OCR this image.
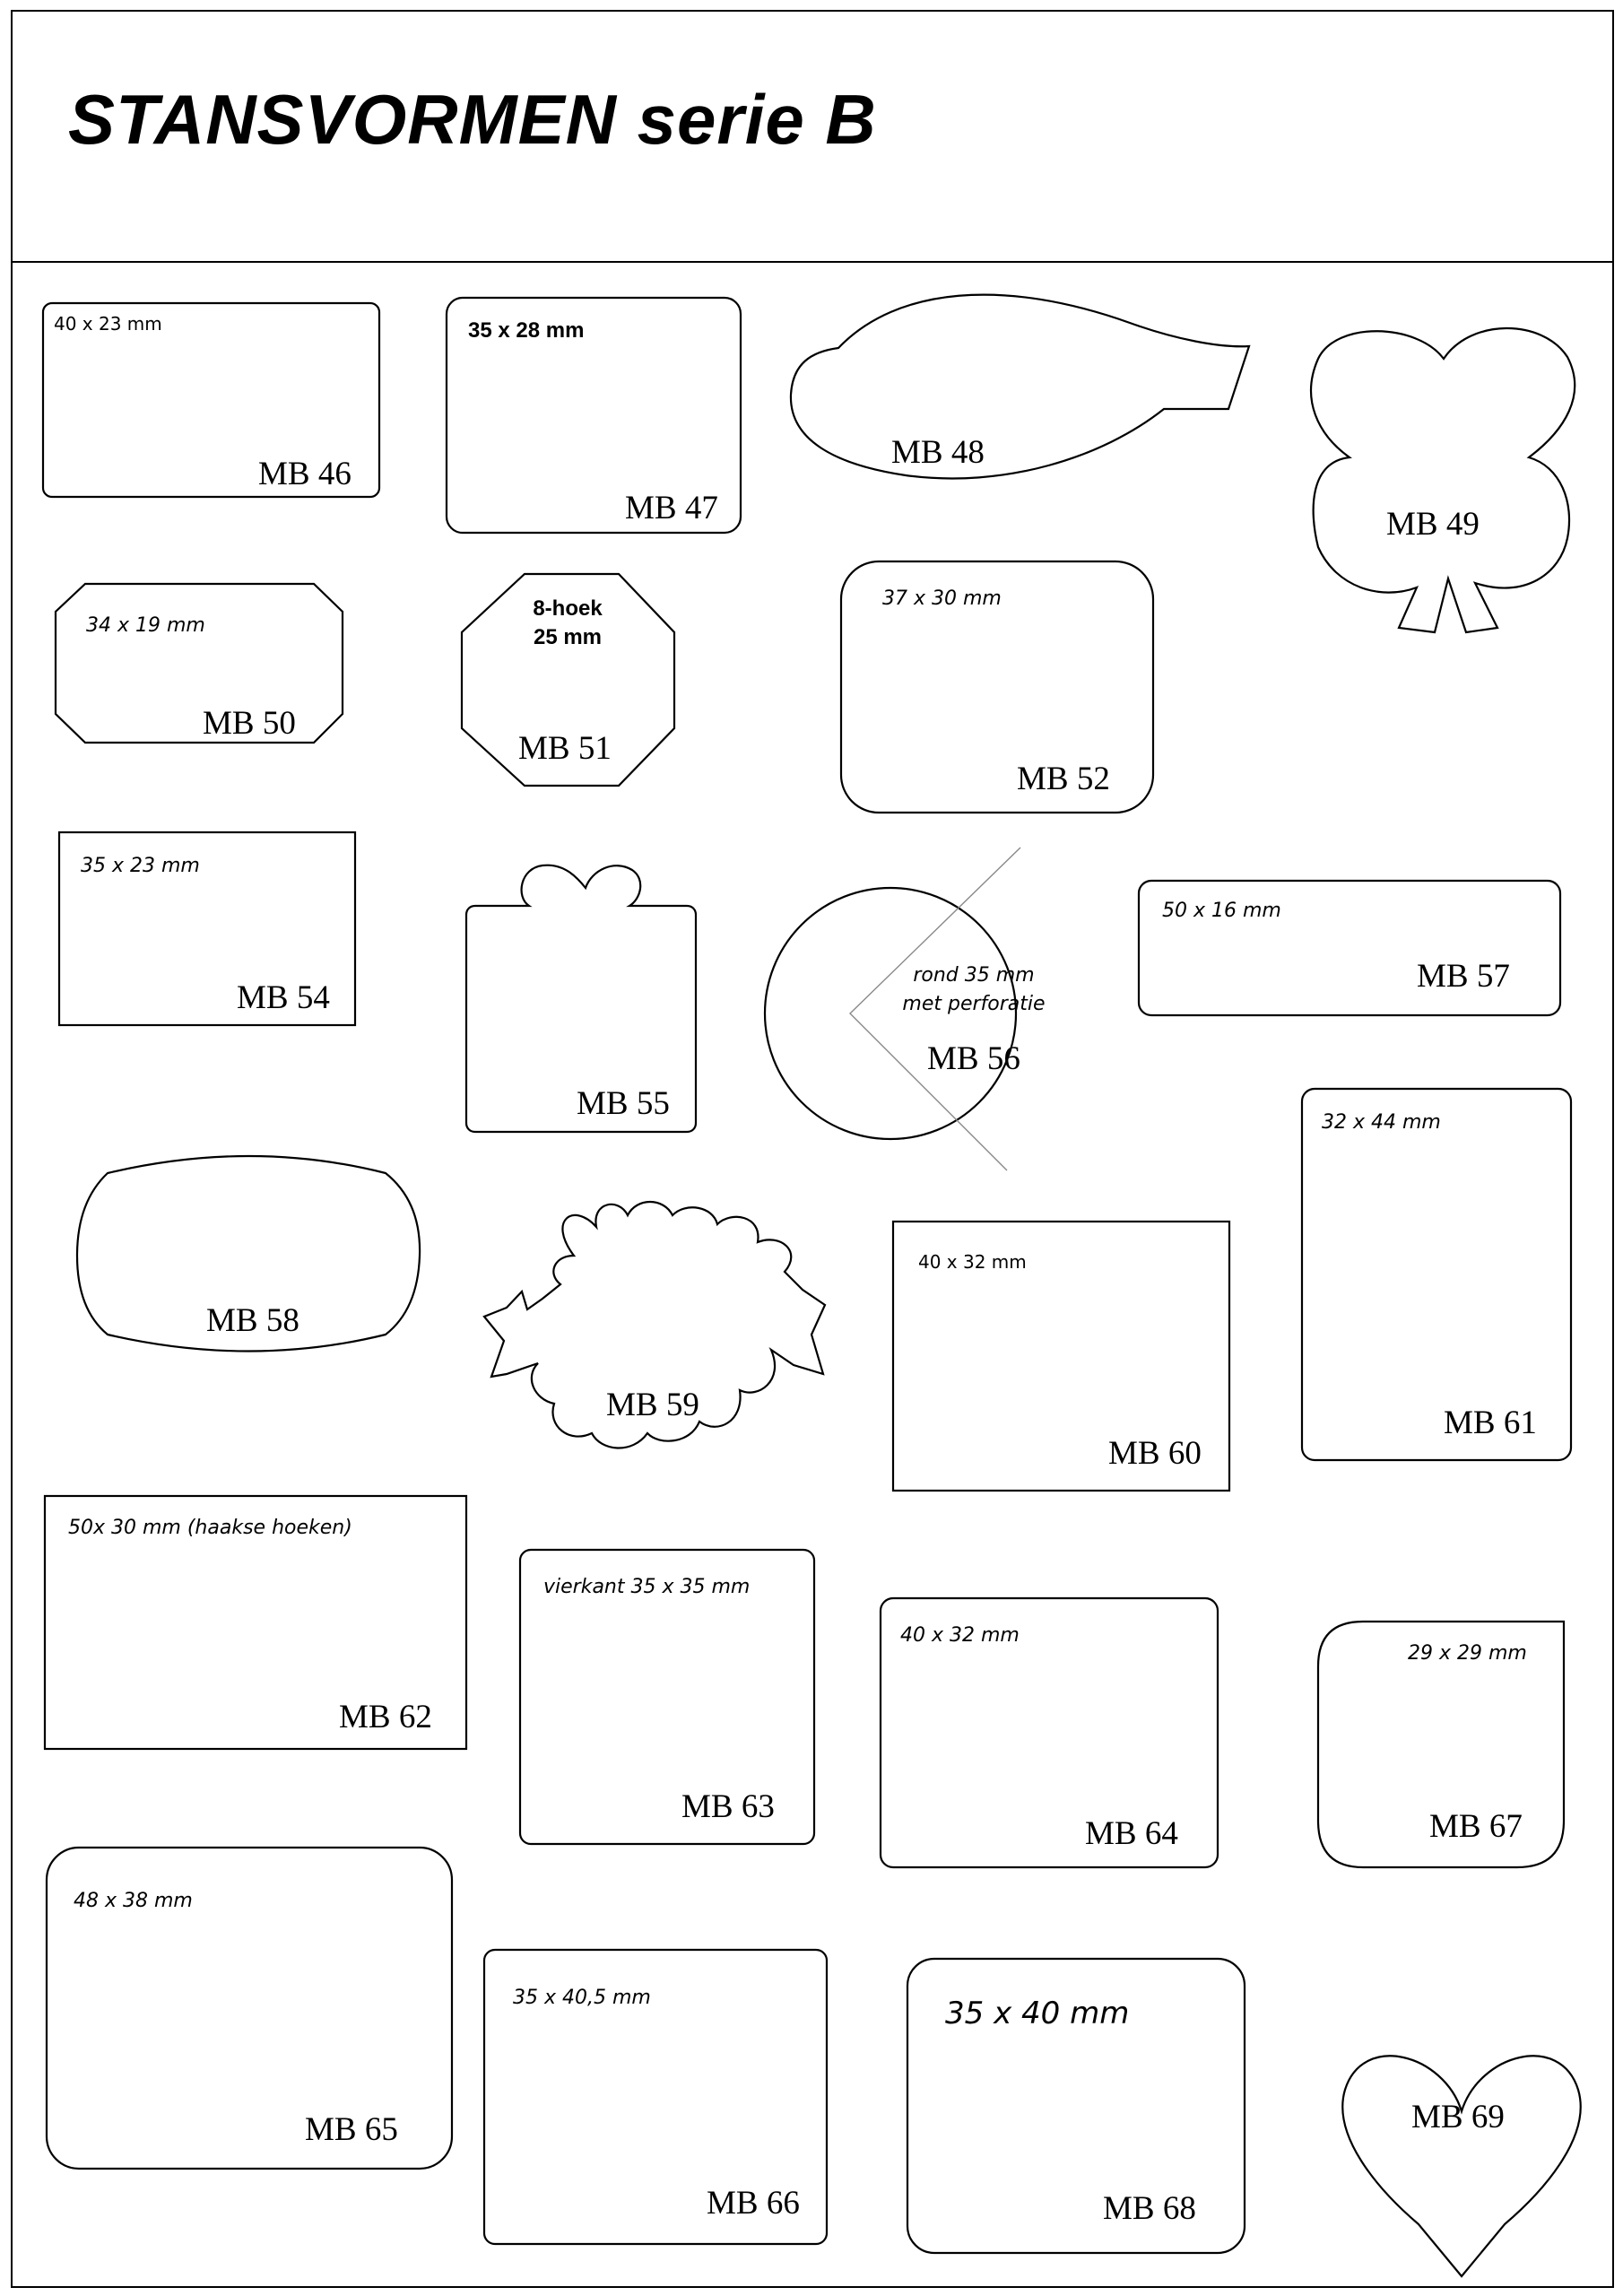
STANSVORMEN serie B
40 x 23 mm
MB 46
35 x 28 mm
MB 47
MB 48
MB 49
34 x 19 mm
MB 50
8-hoek
25 mm
MB 51
37 x 30 mm
MB 52
35 x 23 mm
MB 54
MB 55
rond 35 mm
met perforatie
MB 56
50 x 16 mm
MB 57
MB 58
MB 59
40 x 32 mm
MB 60
32 x 44 mm
MB 61
50x 30 mm (haakse hoeken)
MB 62
vierkant 35 x 35 mm
MB 63
40 x 32 mm
MB 64
29 x 29 mm
MB 67
48 x 38 mm
MB 65
35 x 40,5 mm
MB 66
35 x 40 mm
MB 68
MB 69
